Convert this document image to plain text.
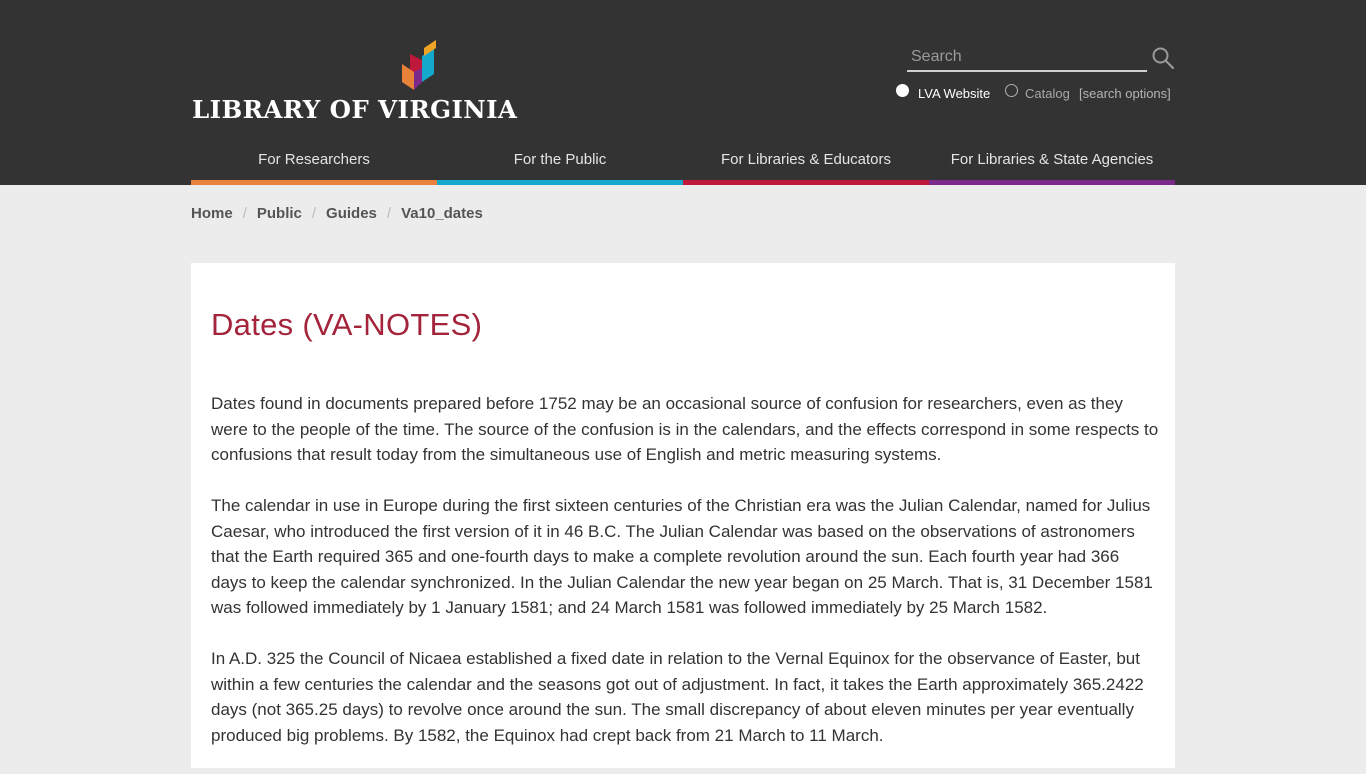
LIBRARY OF VIRGINIA
Search
LVA Website	Catalog [search options]
For Researchers	For the Public	For Libraries & Educators	For Libraries & State Agencies
Home / Public / Guides / Va10_dates
Dates (VA-NOTES)

Dates found in documents prepared before 1752 may be an occasional source of confusion for researchers, even as they were to the people of the time. The source of the confusion is in the calendars, and the effects correspond in some respects to confusions that result today from the simultaneous use of English and metric measuring systems.

The calendar in use in Europe during the first sixteen centuries of the Christian era was the Julian Calendar, named for Julius Caesar, who introduced the first version of it in 46 B.C. The Julian Calendar was based on the observations of astronomers that the Earth required 365 and one-fourth days to make a complete revolution around the sun. Each fourth year had 366 days to keep the calendar synchronized. In the Julian Calendar the new year began on 25 March. That is, 31 December 1581 was followed immediately by 1 January 1581; and 24 March 1581 was followed immediately by 25 March 1582.

In A.D. 325 the Council of Nicaea established a fixed date in relation to the Vernal Equinox for the observance of Easter, but within a few centuries the calendar and the seasons got out of adjustment. In fact, it takes the Earth approximately 365.2422 days (not 365.25 days) to revolve once around the sun. The small discrepancy of about eleven minutes per year eventually produced big problems. By 1582, the Equinox had crept back from 21 March to 11 March.
